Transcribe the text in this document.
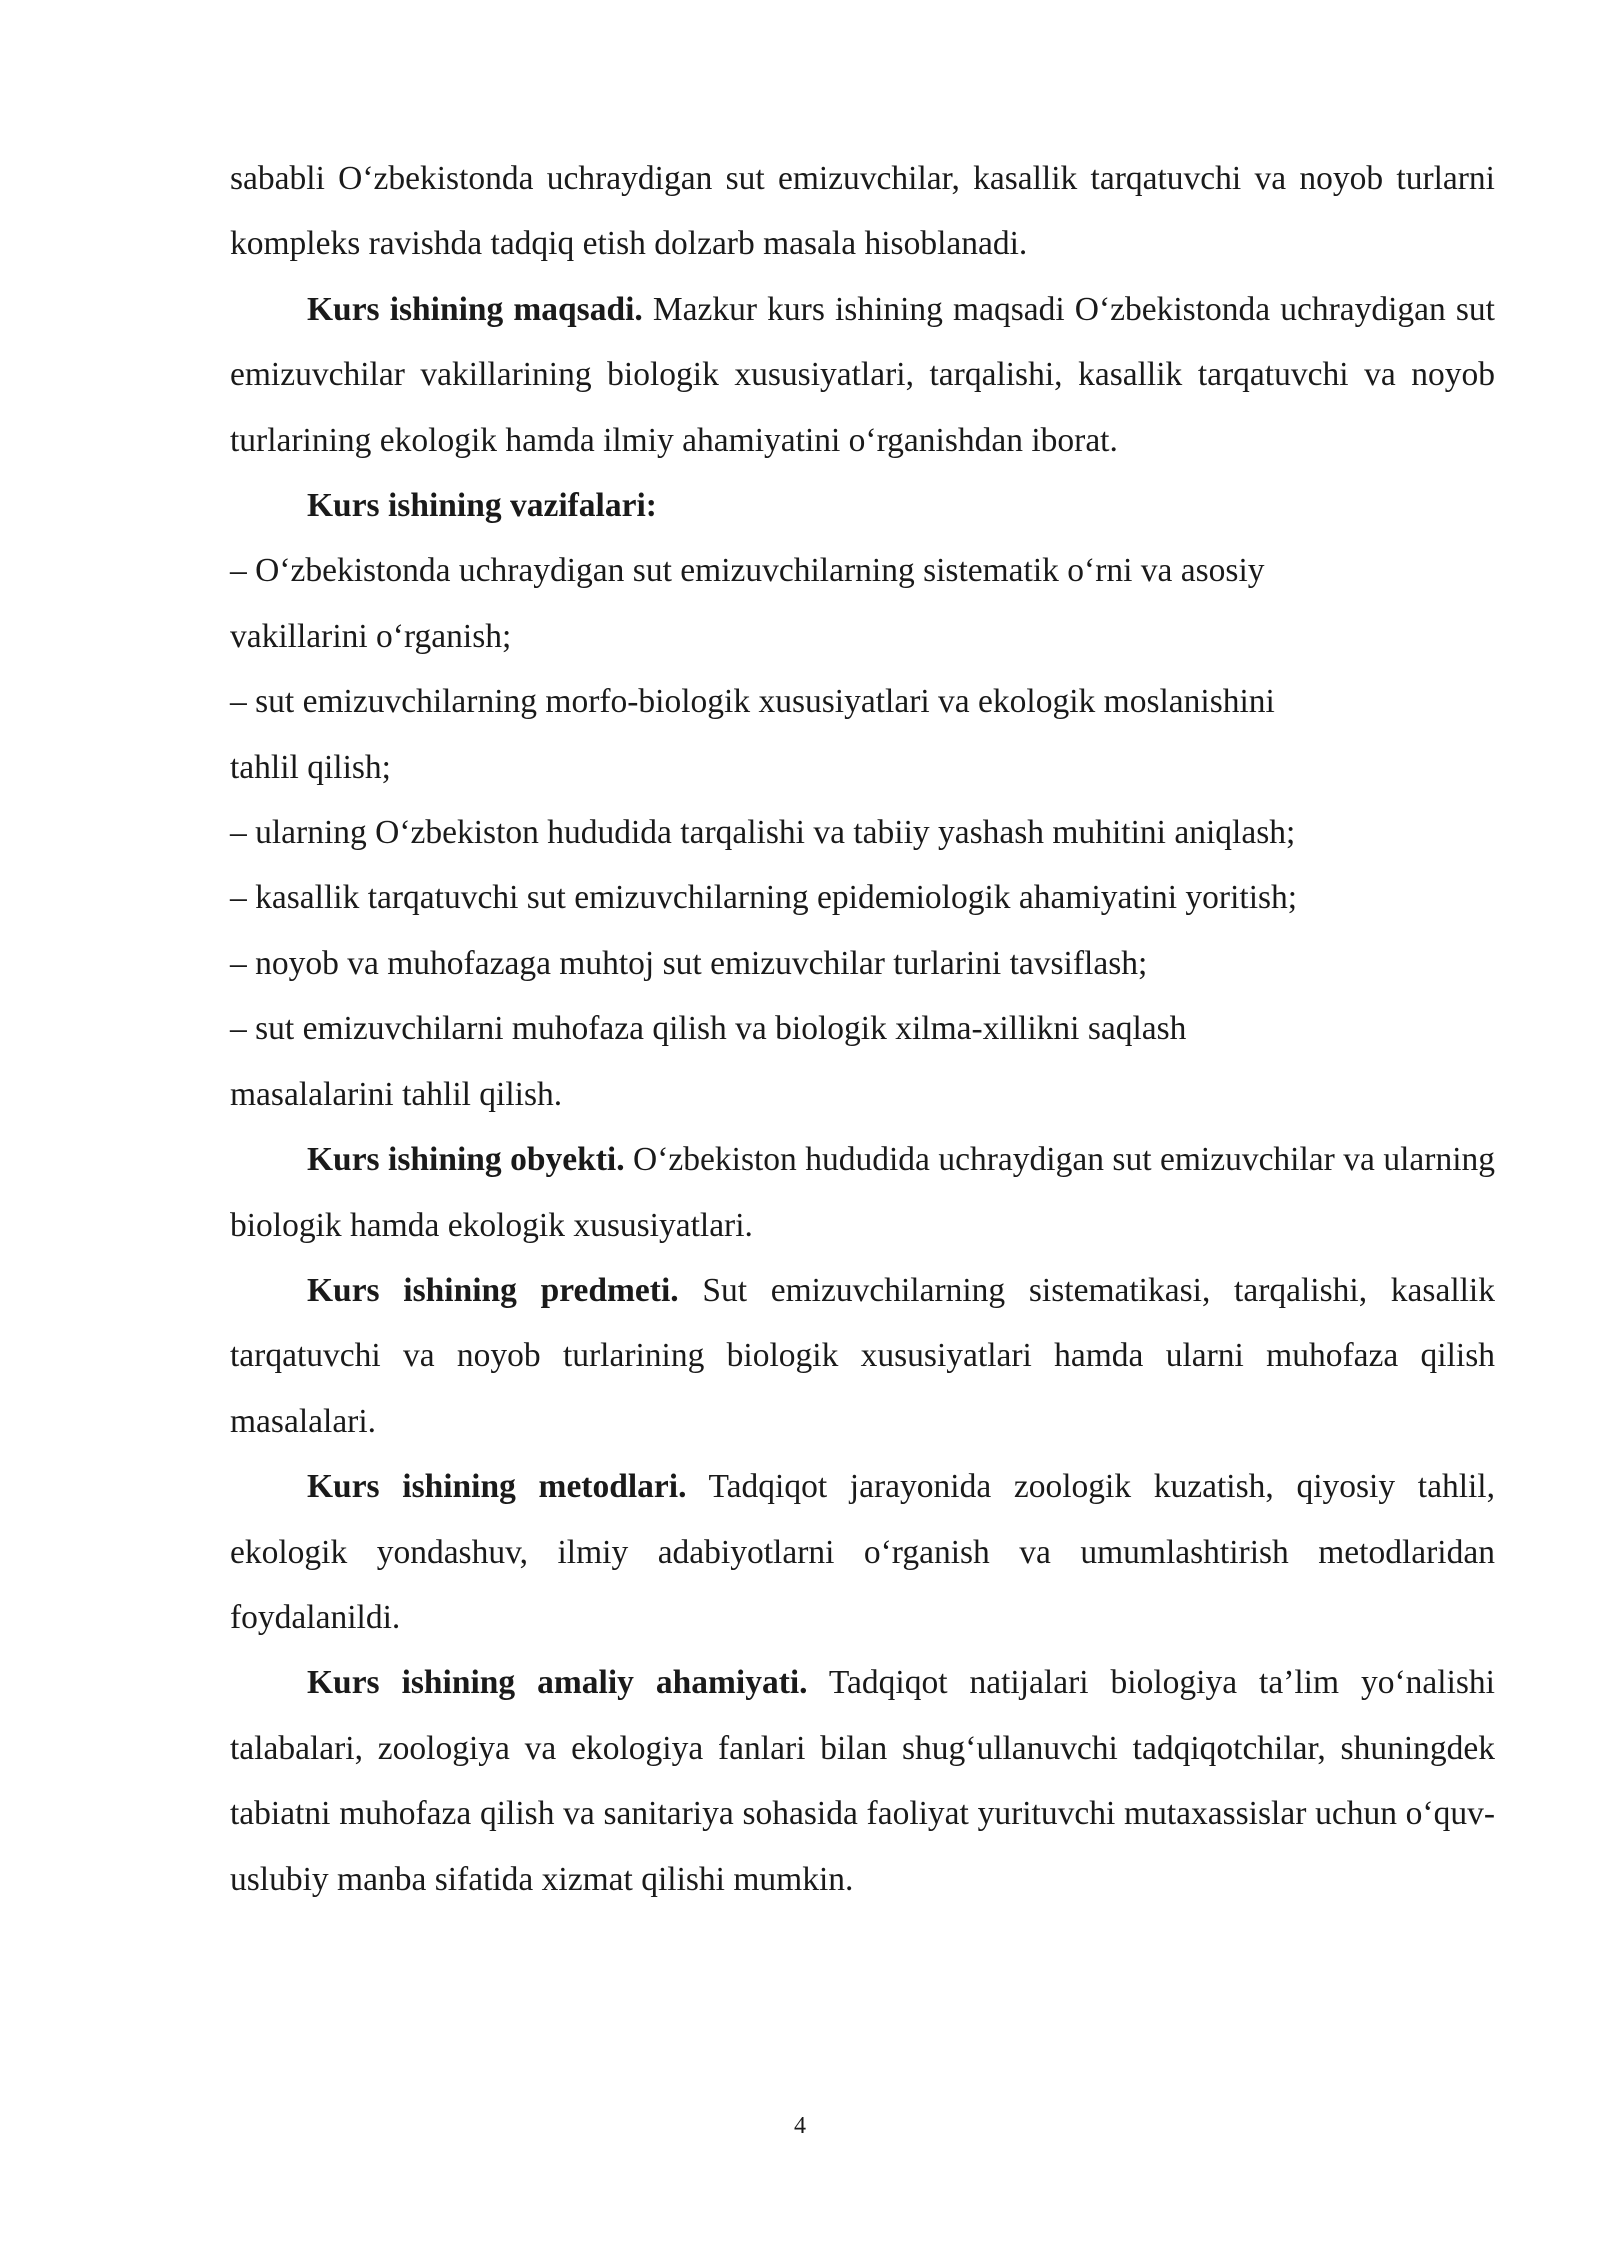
sababli O‘zbekistonda uchraydigan sut emizuvchilar, kasallik tarqatuvchi va noyob turlarni kompleks ravishda tadqiq etish dolzarb masala hisoblanadi.

Kurs ishining maqsadi. Mazkur kurs ishining maqsadi O‘zbekistonda uchraydigan sut emizuvchilar vakillarining biologik xususiyatlari, tarqalishi, kasallik tarqatuvchi va noyob turlarining ekologik hamda ilmiy ahamiyatini o‘rganishdan iborat.

Kurs ishining vazifalari:

– O‘zbekistonda uchraydigan sut emizuvchilarning sistematik o‘rni va asosiy
vakillarini o‘rganish;

– sut emizuvchilarning morfo-biologik xususiyatlari va ekologik moslanishini
tahlil qilish;

– ularning O‘zbekiston hududida tarqalishi va tabiiy yashash muhitini aniqlash;

– kasallik tarqatuvchi sut emizuvchilarning epidemiologik ahamiyatini yoritish;

– noyob va muhofazaga muhtoj sut emizuvchilar turlarini tavsiflash;

– sut emizuvchilarni muhofaza qilish va biologik xilma-xillikni saqlash
masalalarini tahlil qilish.

Kurs ishining obyekti. O‘zbekiston hududida uchraydigan sut emizuvchilar va ularning biologik hamda ekologik xususiyatlari.

Kurs ishining predmeti. Sut emizuvchilarning sistematikasi, tarqalishi, kasallik tarqatuvchi va noyob turlarining biologik xususiyatlari hamda ularni muhofaza qilish masalalari.

Kurs ishining metodlari. Tadqiqot jarayonida zoologik kuzatish, qiyosiy tahlil, ekologik yondashuv, ilmiy adabiyotlarni o‘rganish va umumlashtirish metodlaridan foydalanildi.

Kurs ishining amaliy ahamiyati. Tadqiqot natijalari biologiya ta’lim yo‘nalishi talabalari, zoologiya va ekologiya fanlari bilan shug‘ullanuvchi tadqiqotchilar, shuningdek tabiatni muhofaza qilish va sanitariya sohasida faoliyat yurituvchi mutaxassislar uchun o‘quv-uslubiy manba sifatida xizmat qilishi mumkin.

4
